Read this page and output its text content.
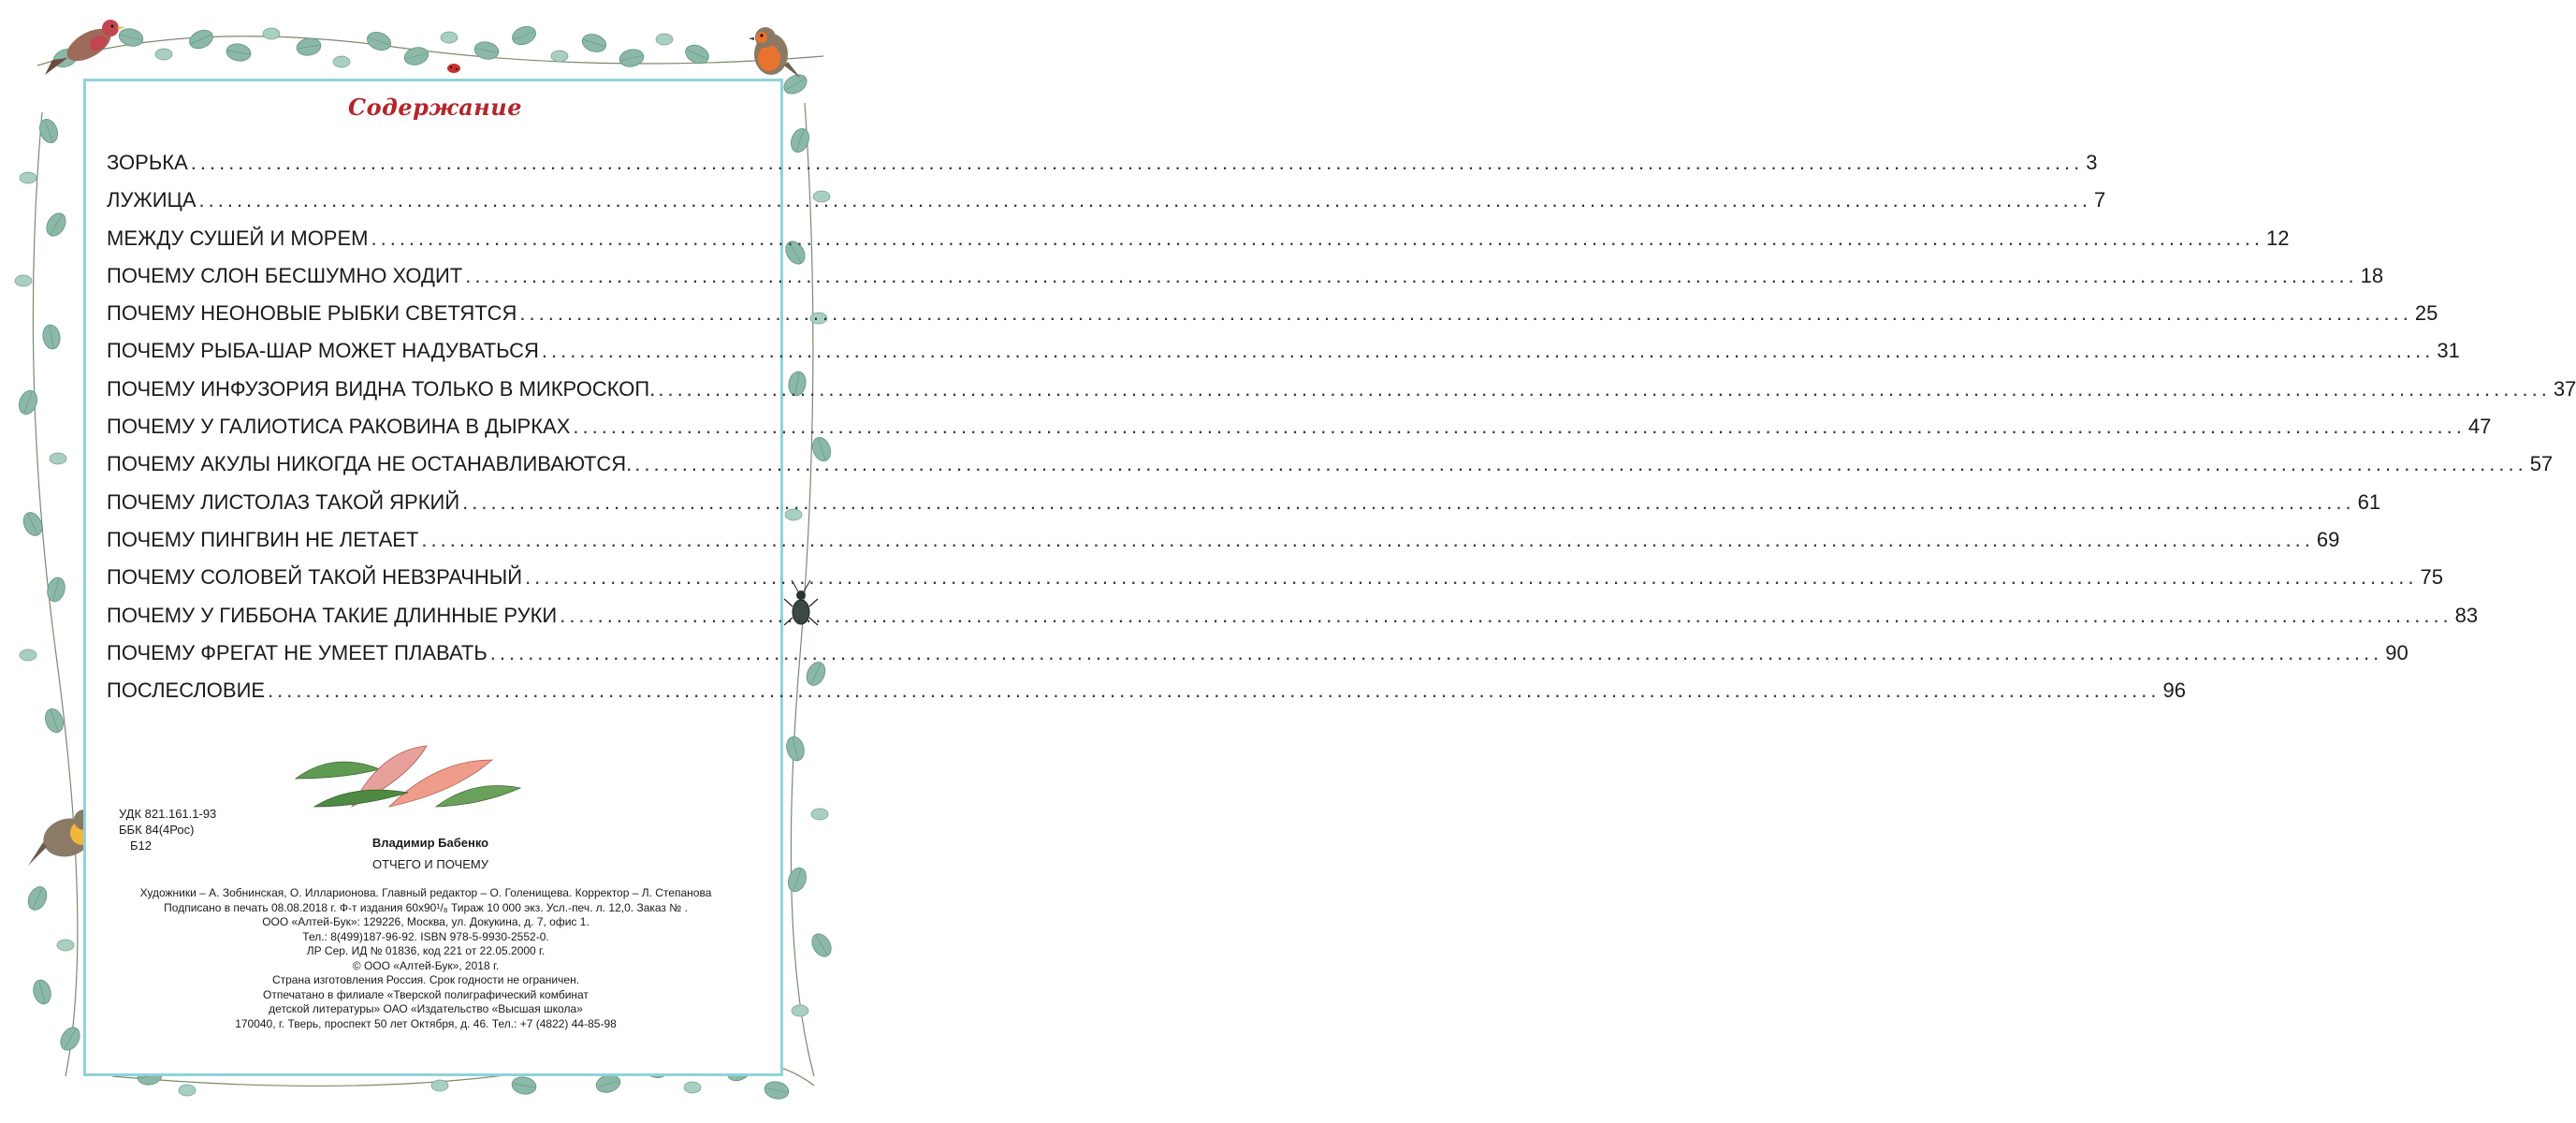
Содержание
ЗОРЬКА ........................................................................................................................................................................................................ 3
ЛУЖИЦА ........................................................................................................................................................................................................ 7
МЕЖДУ СУШЕЙ И МОРЕМ ........................................................................................................................................................................................................ 12
ПОЧЕМУ СЛОН БЕСШУМНО ХОДИТ ........................................................................................................................................................................................................ 18
ПОЧЕМУ НЕОНОВЫЕ РЫБКИ СВЕТЯТСЯ ........................................................................................................................................................................................................ 25
ПОЧЕМУ РЫБА-ШАР МОЖЕТ НАДУВАТЬСЯ ........................................................................................................................................................................................................ 31
ПОЧЕМУ ИНФУЗОРИЯ ВИДНА ТОЛЬКО В МИКРОСКОП. ........................................................................................................................................................................................................ 37
ПОЧЕМУ У ГАЛИОТИСА РАКОВИНА В ДЫРКАХ ........................................................................................................................................................................................................ 47
ПОЧЕМУ АКУЛЫ НИКОГДА НЕ ОСТАНАВЛИВАЮТСЯ. ........................................................................................................................................................................................................ 57
ПОЧЕМУ ЛИСТОЛАЗ ТАКОЙ ЯРКИЙ ........................................................................................................................................................................................................ 61
ПОЧЕМУ ПИНГВИН НЕ ЛЕТАЕТ ........................................................................................................................................................................................................ 69
ПОЧЕМУ СОЛОВЕЙ ТАКОЙ НЕВЗРАЧНЫЙ ........................................................................................................................................................................................................ 75
ПОЧЕМУ У ГИББОНА ТАКИЕ ДЛИННЫЕ РУКИ ........................................................................................................................................................................................................ 83
ПОЧЕМУ ФРЕГАТ НЕ УМЕЕТ ПЛАВАТЬ ........................................................................................................................................................................................................ 90
ПОСЛЕСЛОВИЕ ........................................................................................................................................................................................................ 96
УДК 821.161.1-93
ББК 84(4Рос)
Б12	Владимир Бабенко
ОТЧЕГО И ПОЧЕМУ
Художники – А. Зобнинская, О. Илларионова. Главный редактор – О. Голенищева. Корректор – Л. Степанова
Подписано в печать 08.08.2018 г. Ф-т издания 60x90¹/₈ Тираж 10 000 экз. Усл.-печ. л. 12,0. Заказ № .
ООО «Алтей-Бук»: 129226, Москва, ул. Докукина, д. 7, офис 1.
Тел.: 8(499)187-96-92. ISBN 978-5-9930-2552-0.
ЛР Сер. ИД № 01836, код 221 от 22.05.2000 г.
© ООО «Алтей-Бук», 2018 г.
Страна изготовления Россия. Срок годности не ограничен.
Отпечатано в филиале «Тверской полиграфический комбинат
детской литературы» ОАО «Издательство «Высшая школа»
170040, г. Тверь, проспект 50 лет Октября, д. 46. Тел.: +7 (4822) 44-85-98
